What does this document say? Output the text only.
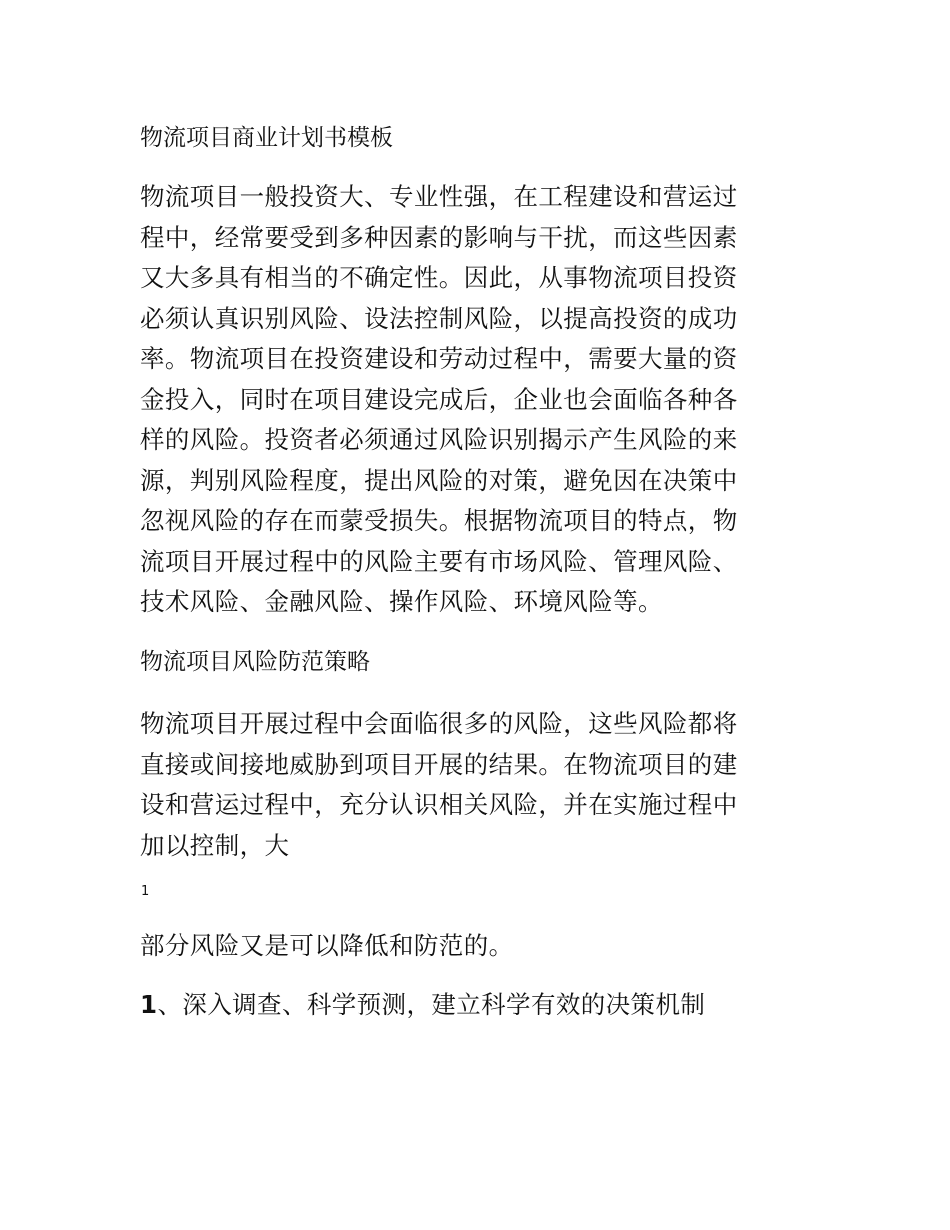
物流项目商业计划书模板
物流项目一般投资大、专业性强，在工程建设和营运过
程中，经常要受到多种因素的影响与干扰，而这些因素
又大多具有相当的不确定性。因此，从事物流项目投资
必须认真识别风险、设法控制风险，以提高投资的成功
率。物流项目在投资建设和劳动过程中，需要大量的资
金投入，同时在项目建设完成后，企业也会面临各种各
样的风险。投资者必须通过风险识别揭示产生风险的来
源，判别风险程度，提出风险的对策，避免因在决策中
忽视风险的存在而蒙受损失。根据物流项目的特点，物
流项目开展过程中的风险主要有市场风险、管理风险、
技术风险、金融风险、操作风险、环境风险等。
物流项目风险防范策略
物流项目开展过程中会面临很多的风险，这些风险都将
直接或间接地威胁到项目开展的结果。在物流项目的建
设和营运过程中，充分认识相关风险，并在实施过程中
加以控制，大
1
部分风险又是可以降低和防范的。
1、深入调查、科学预测，建立科学有效的决策机制
